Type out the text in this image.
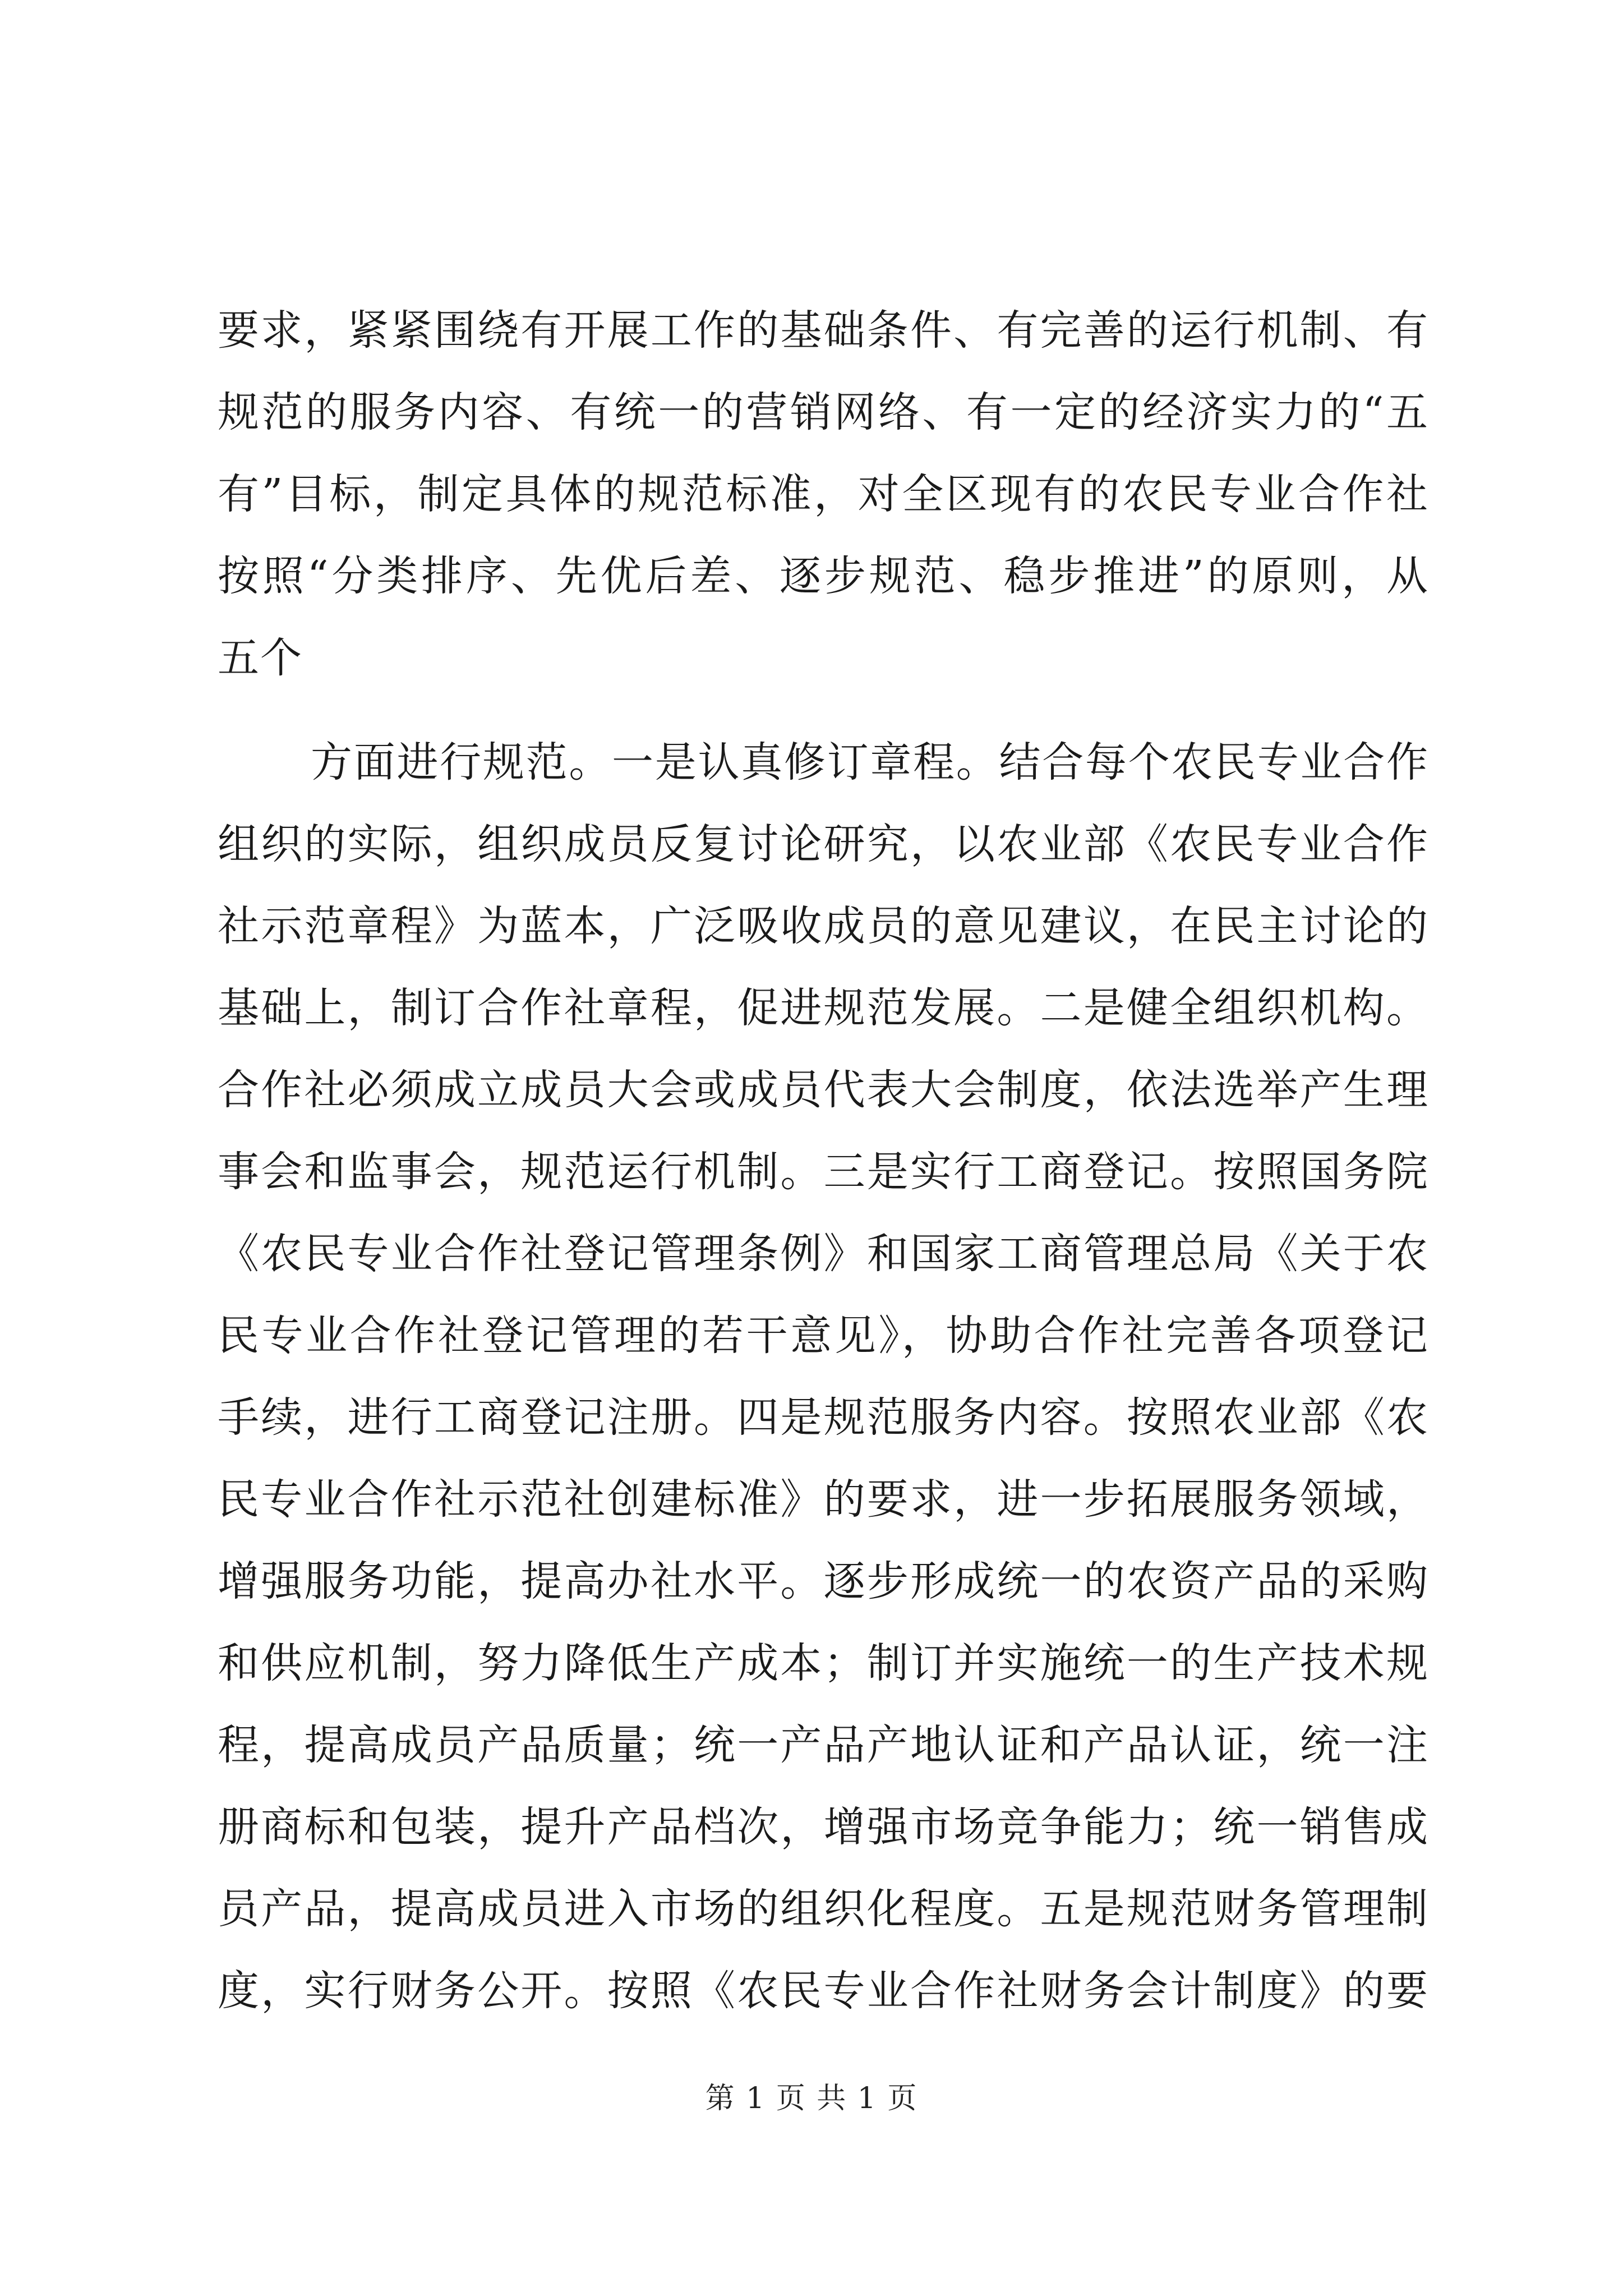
要求，紧紧围绕有开展工作的基础条件、有完善的运行机制、有
规范的服务内容、有统一的营销网络、有一定的经济实力的“五
有”目标，制定具体的规范标准，对全区现有的农民专业合作社
按照“分类排序、先优后差、逐步规范、稳步推进”的原则，从
五个
方面进行规范。一是认真修订章程。结合每个农民专业合作
组织的实际，组织成员反复讨论研究，以农业部《农民专业合作
社示范章程》为蓝本，广泛吸收成员的意见建议，在民主讨论的
基础上，制订合作社章程，促进规范发展。二是健全组织机构。
合作社必须成立成员大会或成员代表大会制度，依法选举产生理
事会和监事会，规范运行机制。三是实行工商登记。按照国务院
《农民专业合作社登记管理条例》和国家工商管理总局《关于农
民专业合作社登记管理的若干意见》，协助合作社完善各项登记
手续，进行工商登记注册。四是规范服务内容。按照农业部《农
民专业合作社示范社创建标准》的要求，进一步拓展服务领域，
增强服务功能，提高办社水平。逐步形成统一的农资产品的采购
和供应机制，努力降低生产成本；制订并实施统一的生产技术规
程，提高成员产品质量；统一产品产地认证和产品认证，统一注
册商标和包装，提升产品档次，增强市场竞争能力；统一销售成
员产品，提高成员进入市场的组织化程度。五是规范财务管理制
度，实行财务公开。按照《农民专业合作社财务会计制度》的要
第 1 页 共 1 页
